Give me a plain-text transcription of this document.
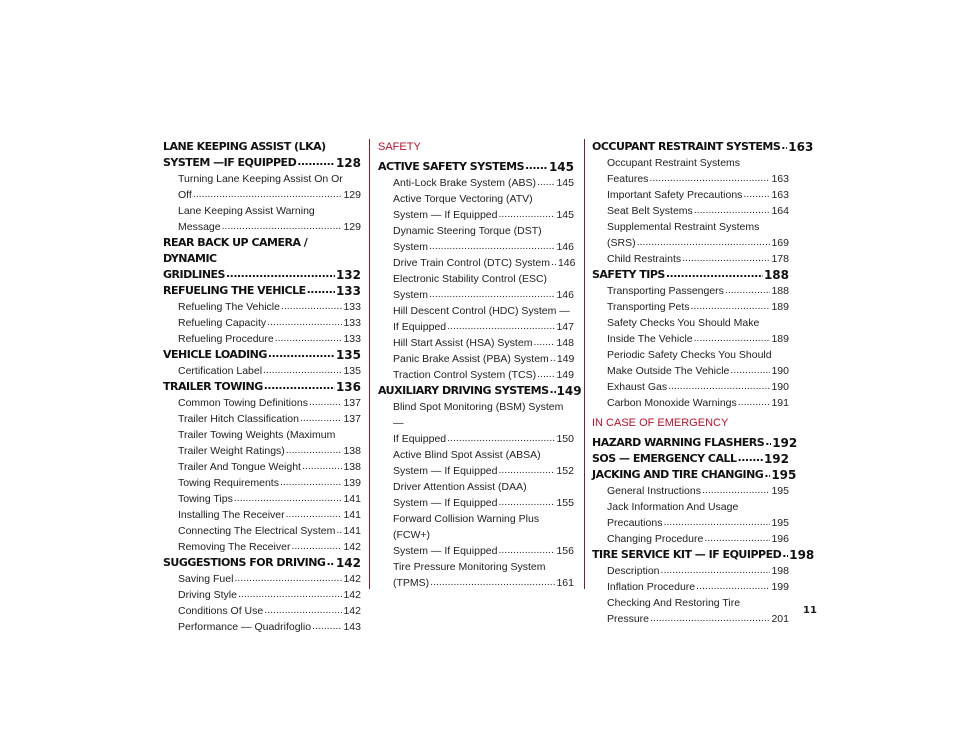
LANE KEEPING ASSIST (LKA)
SYSTEM —IF EQUIPPED .....	128
Turning Lane Keeping Assist On Or
Off .....	129
Lane Keeping Assist Warning
Message .....	129
REAR BACK UP CAMERA / DYNAMIC
GRIDLINES .....	132
REFUELING THE VEHICLE .....	133
Refueling The Vehicle .....	133
Refueling Capacity .....	133
Refueling Procedure .....	133
VEHICLE LOADING .....	135
Certification Label .....	135
TRAILER TOWING .....	136
Common Towing Definitions .....	137
Trailer Hitch Classification .....	137
Trailer Towing Weights (Maximum
Trailer Weight Ratings) .....	138
Trailer And Tongue Weight .....	138
Towing Requirements .....	139
Towing Tips .....	141
Installing The Receiver .....	141
Connecting The Electrical System ..... 141
Removing The Receiver .....	142
SUGGESTIONS FOR DRIVING ..... 142
Saving Fuel .....	142
Driving Style .....	142
Conditions Of Use .....	142
Performance — Quadrifoglio .....	143
SAFETY
ACTIVE SAFETY SYSTEMS ..... 145
Anti-Lock Brake System (ABS) ..... 145
Active Torque Vectoring (ATV)
System — If Equipped .....	145
Dynamic Steering Torque (DST)
System .....	146
Drive Train Control (DTC) System ..... 146
Electronic Stability Control (ESC)
System .....	146
Hill Descent Control (HDC) System —
If Equipped .....	147
Hill Start Assist (HSA) System ..... 148
Panic Brake Assist (PBA) System ..... 149
Traction Control System (TCS) ..... 149
AUXILIARY DRIVING SYSTEMS ..... 149
Blind Spot Monitoring (BSM) System —
If Equipped .....	150
Active Blind Spot Assist (ABSA)
System — If Equipped .....	152
Driver Attention Assist (DAA)
System — If Equipped .....	155
Forward Collision Warning Plus (FCW+)
System — If Equipped .....	156
Tire Pressure Monitoring System
(TPMS) .....	161
OCCUPANT RESTRAINT SYSTEMS ..... 163
Occupant Restraint Systems
Features .....	163
Important Safety Precautions .....	163
Seat Belt Systems .....	164
Supplemental Restraint Systems
(SRS) .....	169
Child Restraints .....	178
SAFETY TIPS .....	188
Transporting Passengers .....	188
Transporting Pets .....	189
Safety Checks You Should Make
Inside The Vehicle .....	189
Periodic Safety Checks You Should
Make Outside The Vehicle .....	190
Exhaust Gas .....	190
Carbon Monoxide Warnings .....	191
IN CASE OF EMERGENCY
HAZARD WARNING FLASHERS ..... 192
SOS — EMERGENCY CALL ..... 192
JACKING AND TIRE CHANGING ..... 195
General Instructions .....	195
Jack Information And Usage
Precautions .....	195
Changing Procedure .....	196
TIRE SERVICE KIT — IF EQUIPPED ..... 198
Description .....	198
Inflation Procedure .....	199
Checking And Restoring Tire
Pressure .....	201
11
